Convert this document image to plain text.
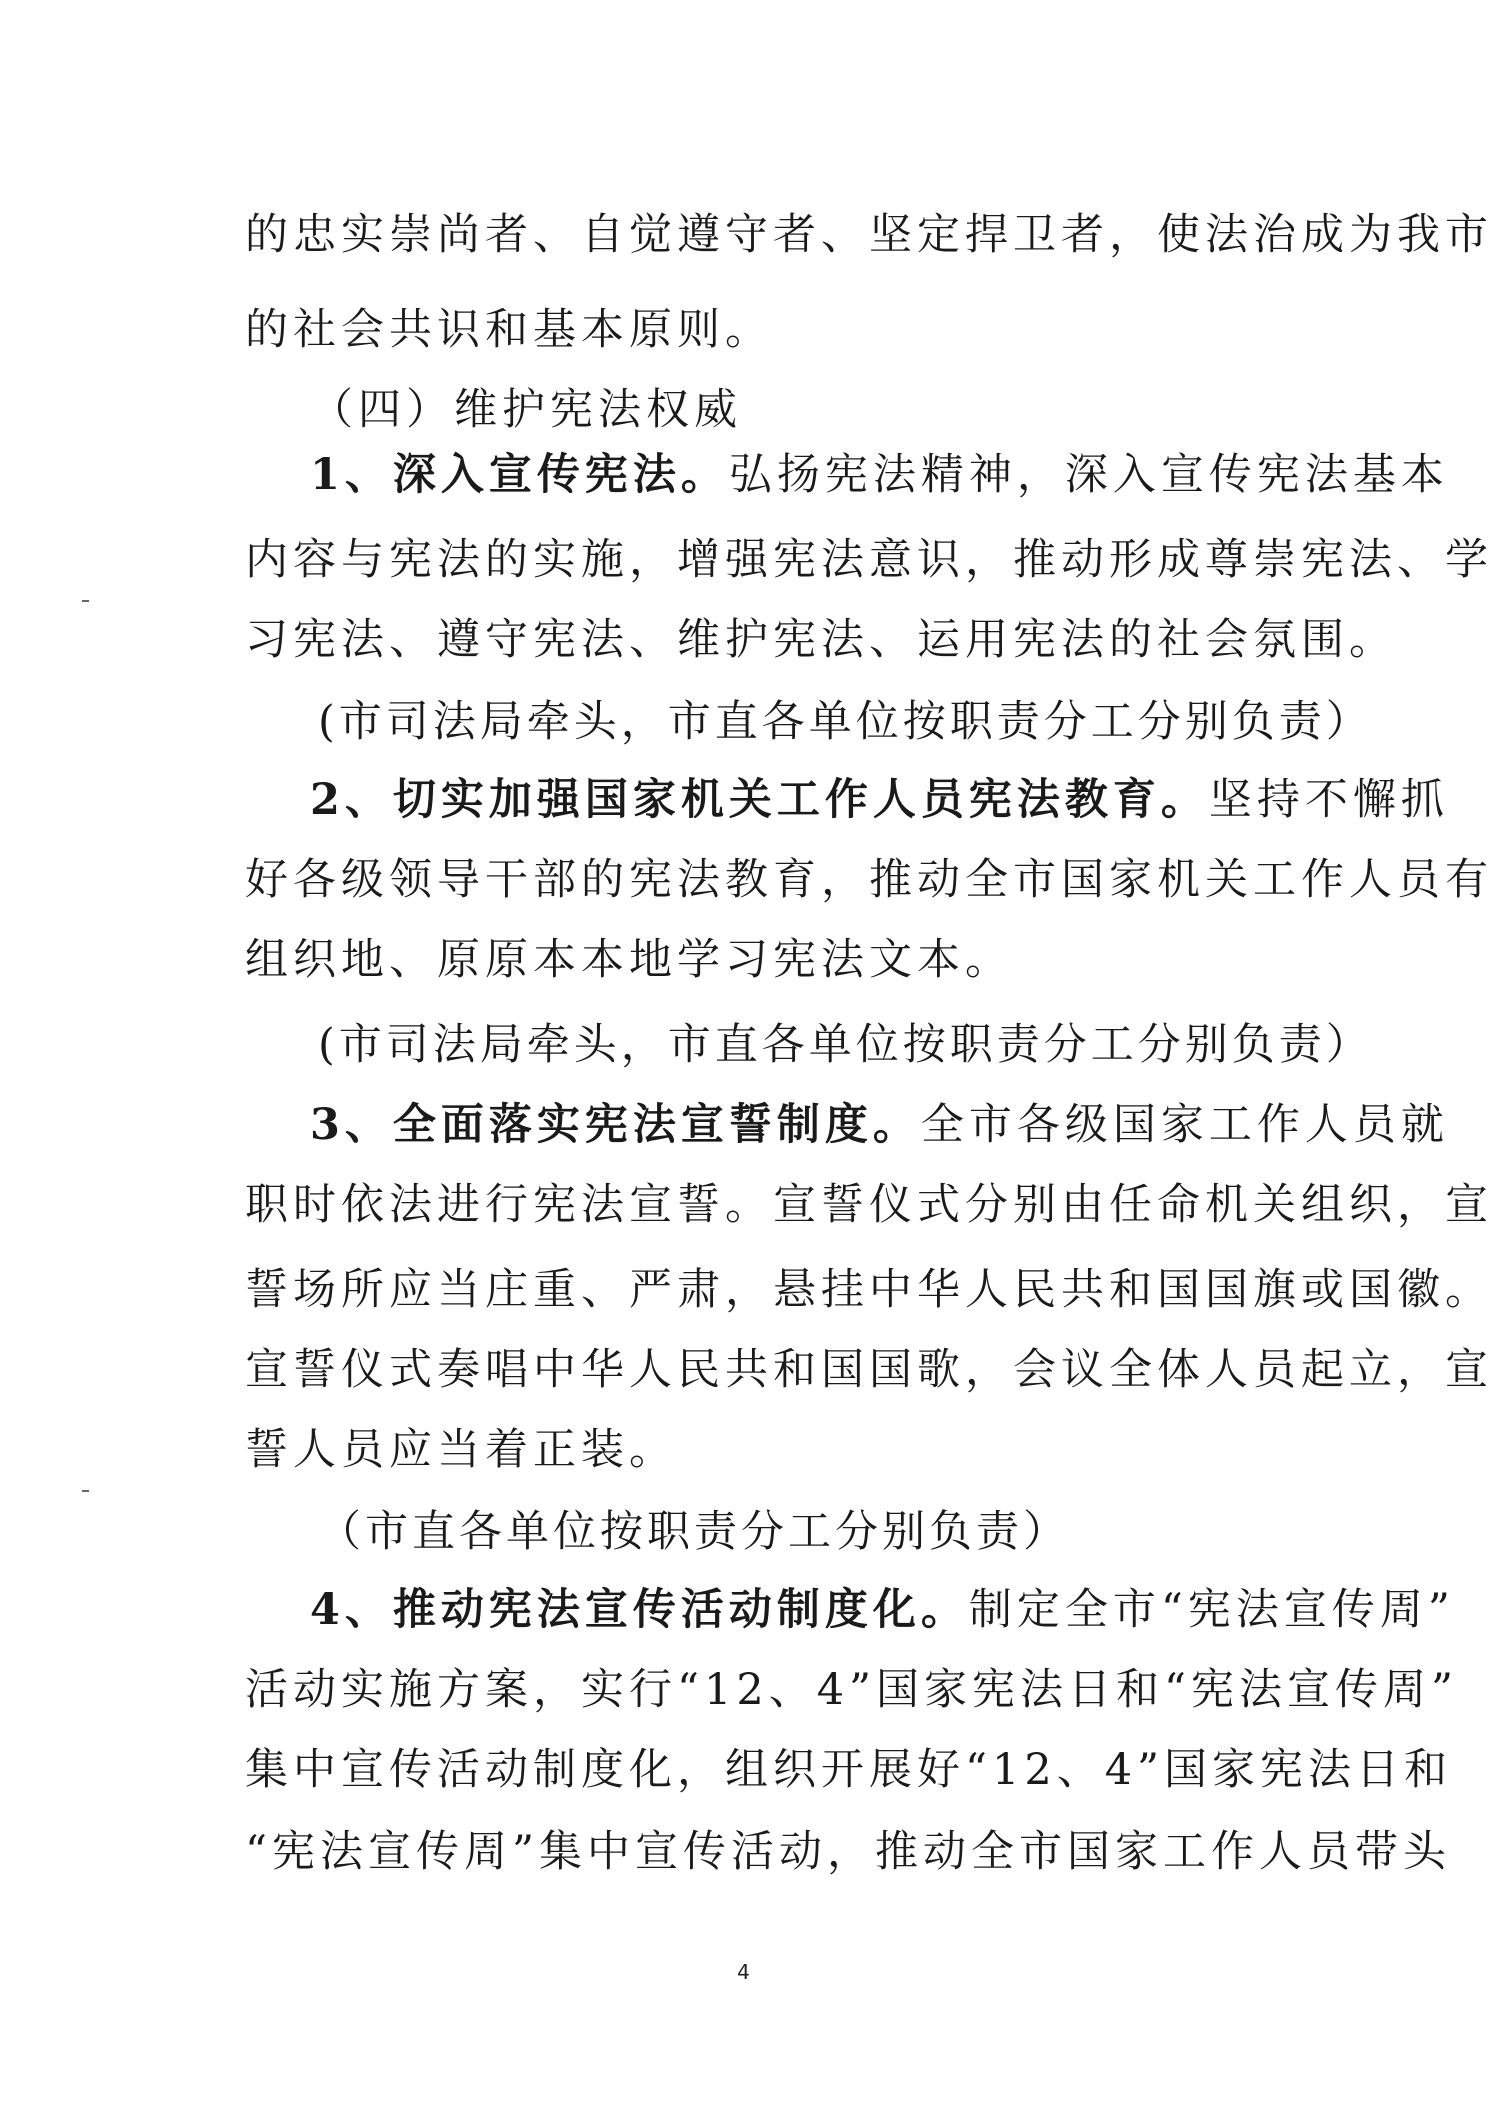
的忠实崇尚者、自觉遵守者、坚定捍卫者，使法治成为我市
的社会共识和基本原则。
（四）维护宪法权威
1、深入宣传宪法。弘扬宪法精神，深入宣传宪法基本
内容与宪法的实施，增强宪法意识，推动形成尊崇宪法、学
习宪法、遵守宪法、维护宪法、运用宪法的社会氛围。
(市司法局牵头，市直各单位按职责分工分别负责）
2、切实加强国家机关工作人员宪法教育。坚持不懈抓
好各级领导干部的宪法教育，推动全市国家机关工作人员有
组织地、原原本本地学习宪法文本。
(市司法局牵头，市直各单位按职责分工分别负责）
3、全面落实宪法宣誓制度。全市各级国家工作人员就
职时依法进行宪法宣誓。宣誓仪式分别由任命机关组织，宣
誓场所应当庄重、严肃，悬挂中华人民共和国国旗或国徽。
宣誓仪式奏唱中华人民共和国国歌，会议全体人员起立，宣
誓人员应当着正装。
（市直各单位按职责分工分别负责）
4、推动宪法宣传活动制度化。制定全市“宪法宣传周”
活动实施方案，实行“12、4”国家宪法日和“宪法宣传周”
集中宣传活动制度化，组织开展好“12、4”国家宪法日和
“宪法宣传周”集中宣传活动，推动全市国家工作人员带头
4
